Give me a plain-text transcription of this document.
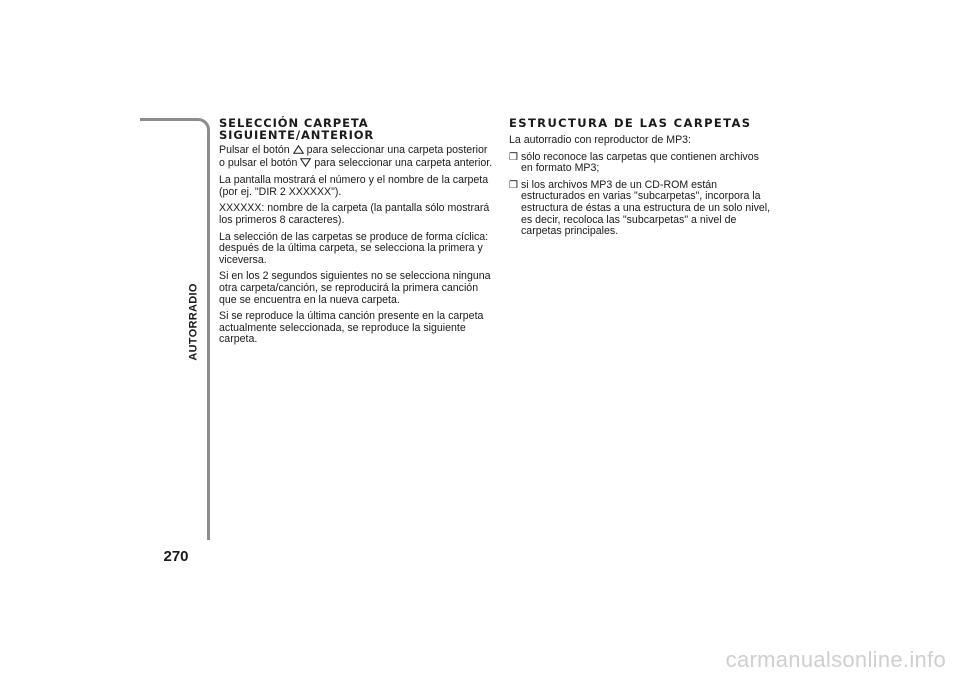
AUTORRADIO
270
SELECCIÓN CARPETA
SIGUIENTE/ANTERIOR

Pulsar el botón para seleccionar una carpeta posterior o pulsar el botón para seleccionar una carpeta anterior.

La pantalla mostrará el número y el nombre de la carpeta (por ej. "DIR 2 XXXXXX").

XXXXXX: nombre de la carpeta (la pantalla sólo mostrará los primeros 8 caracteres).

La selección de las carpetas se produce de forma cíclica: después de la última carpeta, se selecciona la primera y viceversa.

Si en los 2 segundos siguientes no se selecciona ninguna otra carpeta/canción, se reproducirá la primera canción que se encuentra en la nueva carpeta.

Si se reproduce la última canción presente en la carpeta actualmente seleccionada, se reproduce la siguiente carpeta.

ESTRUCTURA DE LAS CARPETAS

La autorradio con reproductor de MP3:

❒ sólo reconoce las carpetas que contienen archivos en formato MP3;
❒ si los archivos MP3 de un CD-ROM están estructurados en varias "subcarpetas", incorpora la estructura de éstas a una estructura de un solo nivel, es decir, recoloca las "subcarpetas" a nivel de carpetas principales.
carmanualsonline.info
